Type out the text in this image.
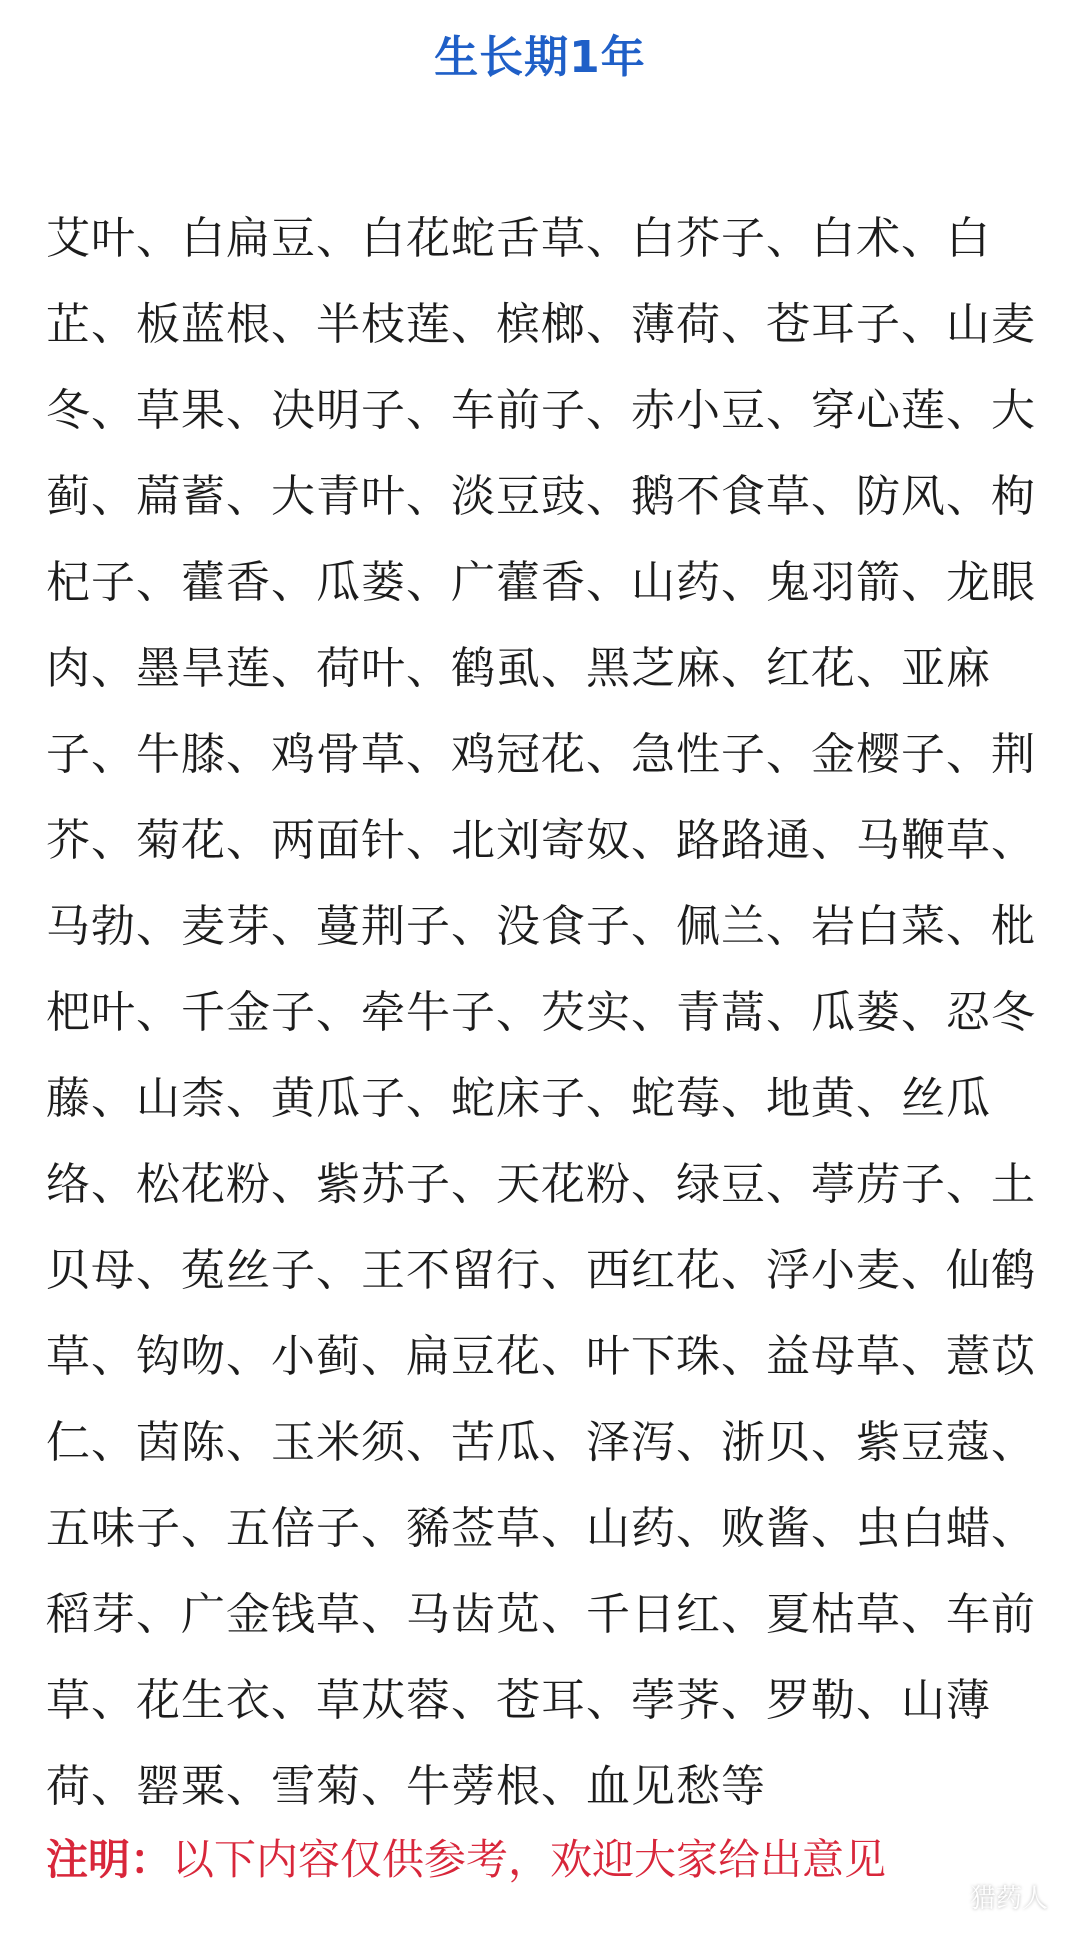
生长期1年
艾叶、白扁豆、白花蛇舌草、白芥子、白术、白
芷、板蓝根、半枝莲、槟榔、薄荷、苍耳子、山麦
冬、草果、决明子、车前子、赤小豆、穿心莲、大
蓟、萹蓄、大青叶、淡豆豉、鹅不食草、防风、枸
杞子、藿香、瓜蒌、广藿香、山药、鬼羽箭、龙眼
肉、墨旱莲、荷叶、鹤虱、黑芝麻、红花、亚麻
子、牛膝、鸡骨草、鸡冠花、急性子、金樱子、荆
芥、菊花、两面针、北刘寄奴、路路通、马鞭草、
马勃、麦芽、蔓荆子、没食子、佩兰、岩白菜、枇
杷叶、千金子、牵牛子、芡实、青蒿、瓜蒌、忍冬
藤、山柰、黄瓜子、蛇床子、蛇莓、地黄、丝瓜
络、松花粉、紫苏子、天花粉、绿豆、葶苈子、土
贝母、菟丝子、王不留行、西红花、浮小麦、仙鹤
草、钩吻、小蓟、扁豆花、叶下珠、益母草、薏苡
仁、茵陈、玉米须、苦瓜、泽泻、浙贝、紫豆蔻、
五味子、五倍子、豨莶草、山药、败酱、虫白蜡、
稻芽、广金钱草、马齿苋、千日红、夏枯草、车前
草、花生衣、草苁蓉、苍耳、荸荠、罗勒、山薄
荷、罂粟、雪菊、牛蒡根、血见愁等
注明：以下内容仅供参考，欢迎大家给出意见
猎药人
